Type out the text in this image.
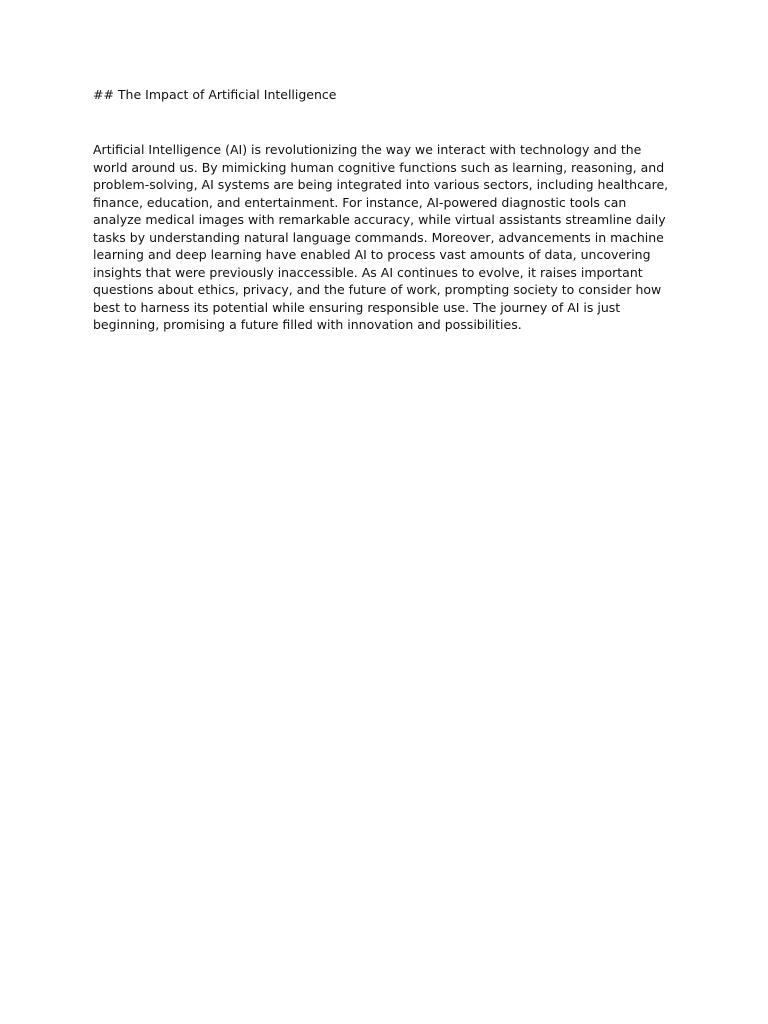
## The Impact of Artificial Intelligence

Artificial Intelligence (AI) is revolutionizing the way we interact with technology and the world around us. By mimicking human cognitive functions such as learning, reasoning, and problem-solving, AI systems are being integrated into various sectors, including healthcare, finance, education, and entertainment. For instance, AI-powered diagnostic tools can analyze medical images with remarkable accuracy, while virtual assistants streamline daily tasks by understanding natural language commands. Moreover, advancements in machine learning and deep learning have enabled AI to process vast amounts of data, uncovering insights that were previously inaccessible. As AI continues to evolve, it raises important questions about ethics, privacy, and the future of work, prompting society to consider how best to harness its potential while ensuring responsible use. The journey of AI is just beginning, promising a future filled with innovation and possibilities.
